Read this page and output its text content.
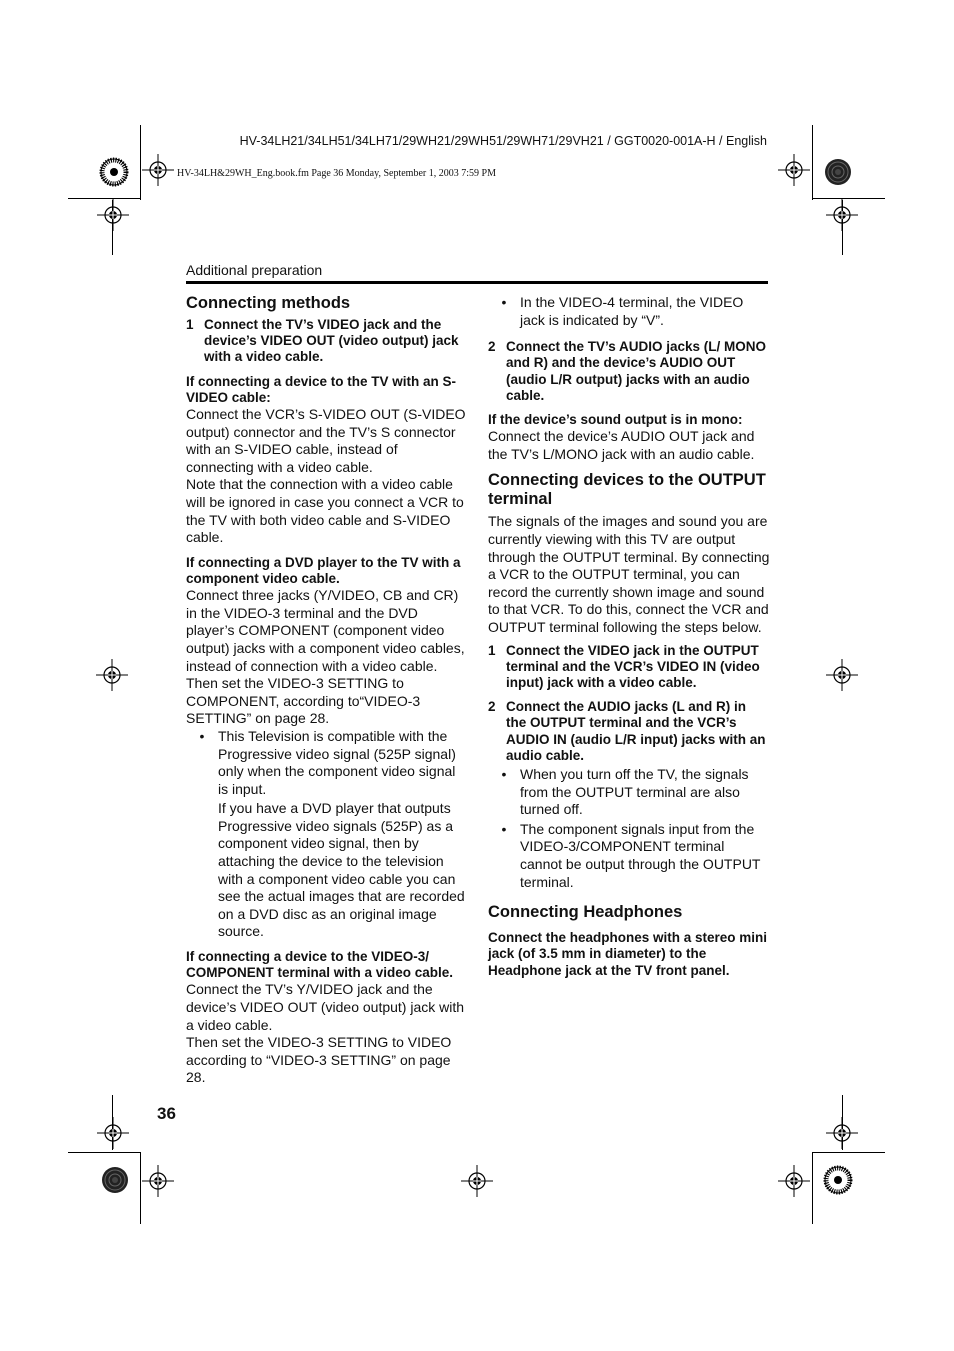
HV-34LH21/34LH51/34LH71/29WH21/29WH51/29WH71/29VH21 / GGT0020-001A-H / English
HV-34LH&29WH_Eng.book.fm Page 36 Monday, September 1, 2003 7:59 PM
Additional preparation
Connecting methods
1 Connect the TV’s VIDEO jack and the device’s VIDEO OUT (video output) jack with a video cable.
If connecting a device to the TV with an S-VIDEO cable:

Connect the VCR’s S-VIDEO OUT (S-VIDEO output) connector and the TV’s S connector with an S-VIDEO cable, instead of connecting with a video cable.

Note that the connection with a video cable will be ignored in case you connect a VCR to the TV with both video cable and S-VIDEO cable.

If connecting a DVD player to the TV with a component video cable.

Connect three jacks (Y/VIDEO, CB and CR) in the VIDEO-3 terminal and the DVD player’s COMPONENT (component video output) jacks with a component video cables, instead of connection with a video cable. Then set the VIDEO-3 SETTING to COMPONENT, according to“VIDEO-3 SETTING” on page 28.

• This Television is compatible with the Progressive video signal (525P signal) only when the component video signal is input.

If you have a DVD player that outputs Progressive video signals (525P) as a component video signal, then by attaching the device to the television with a component video cable you can see the actual images that are recorded on a DVD disc as an original image source.

If connecting a device to the VIDEO-3/ COMPONENT terminal with a video cable.

Connect the TV’s Y/VIDEO jack and the device’s VIDEO OUT (video output) jack with a video cable.

Then set the VIDEO-3 SETTING to VIDEO according to “VIDEO-3 SETTING” on page 28.

• In the VIDEO-4 terminal, the VIDEO jack is indicated by “V”.
2 Connect the TV’s AUDIO jacks (L/ MONO and R) and the device’s AUDIO OUT (audio L/R output) jacks with an audio cable.
If the device’s sound output is in mono:

Connect the device’s AUDIO OUT jack and the TV’s L/MONO jack with an audio cable.

Connecting devices to the OUTPUT terminal

The signals of the images and sound you are currently viewing with this TV are output through the OUTPUT terminal. By connecting a VCR to the OUTPUT terminal, you can record the currently shown image and sound to that VCR. To do this, connect the VCR and OUTPUT terminal following the steps below.

1 Connect the VIDEO jack in the OUTPUT terminal and the VCR’s VIDEO IN (video input) jack with a video cable.
2 Connect the AUDIO jacks (L and R) in the OUTPUT terminal and the VCR’s AUDIO IN (audio L/R input) jacks with an audio cable.
• When you turn off the TV, the signals from the OUTPUT terminal are also turned off.
• The component signals input from the VIDEO-3/COMPONENT terminal cannot be output through the OUTPUT terminal.
Connecting Headphones
Connect the headphones with a stereo mini jack (of 3.5 mm in diameter) to the Headphone jack at the TV front panel.
36
